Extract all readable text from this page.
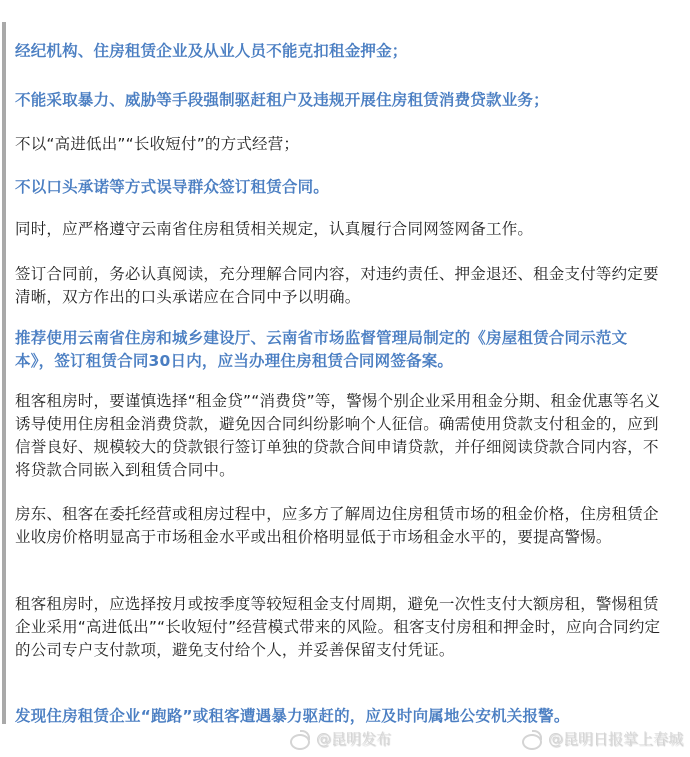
经纪机构、住房租赁企业及从业人员不能克扣租金押金；

不能采取暴力、威胁等手段强制驱赶租户及违规开展住房租赁消费贷款业务；

不以“高进低出”“长收短付”的方式经营；

不以口头承诺等方式误导群众签订租赁合同。

同时，应严格遵守云南省住房租赁相关规定，认真履行合同网签网备工作。

签订合同前，务必认真阅读，充分理解合同内容，对违约责任、押金退还、租金支付等约定要清晰，双方作出的口头承诺应在合同中予以明确。

推荐使用云南省住房和城乡建设厅、云南省市场监督管理局制定的《房屋租赁合同示范文本》，签订租赁合同30日内，应当办理住房租赁合同网签备案。

租客租房时，要谨慎选择“租金贷”“消费贷”等，警惕个别企业采用租金分期、租金优惠等名义诱导使用住房租金消费贷款，避免因合同纠纷影响个人征信。确需使用贷款支付租金的，应到信誉良好、规模较大的贷款银行签订单独的贷款合间申请贷款，并仔细阅读贷款合同内容，不将贷款合同嵌入到租赁合同中。

房东、租客在委托经营或租房过程中，应多方了解周边住房租赁市场的租金价格，住房租赁企业收房价格明显高于市场租金水平或出租价格明显低于市场租金水平的，要提高警惕。

租客租房时，应选择按月或按季度等较短租金支付周期，避免一次性支付大额房租，警惕租赁企业采用“高进低出”“长收短付”经营模式带来的风险。租客支付房租和押金时，应向合同约定的公司专户支付款项，避免支付给个人，并妥善保留支付凭证。

发现住房租赁企业“跑路”或租客遭遇暴力驱赶的，应及时向属地公安机关报警。

@昆明发布	@昆明日报掌上春城
